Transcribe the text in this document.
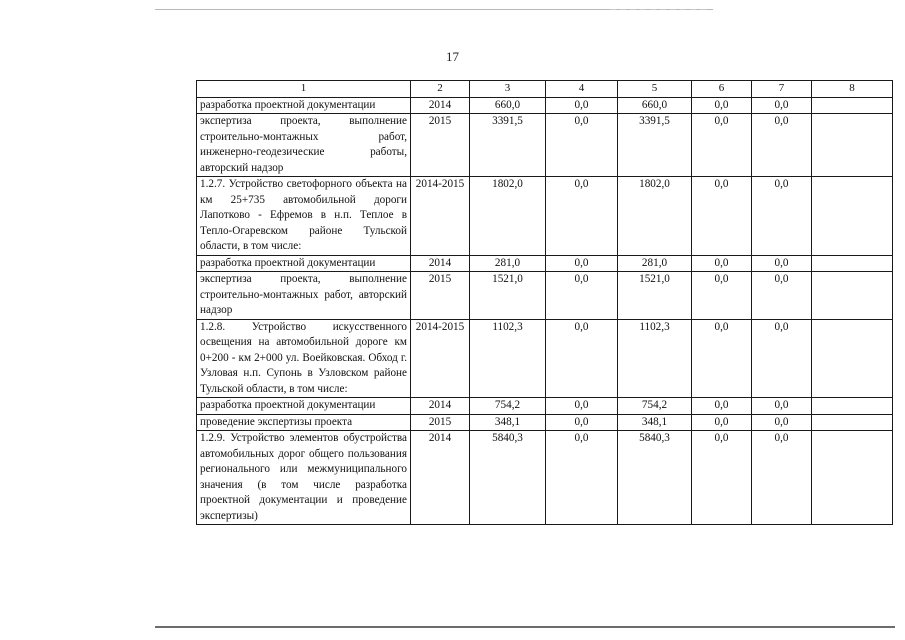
17
1	2	3	4	5	6	7	8
разработка проектной документации	2014	660,0	0,0	660,0	0,0	0,0	
экспертиза проекта, выполнение строительно-монтажных работ, инженерно-геодезические работы, авторский надзор	2015	3391,5	0,0	3391,5	0,0	0,0	
1.2.7. Устройство светофорного объекта на км 25+735 автомобильной дороги Лапотково - Ефремов в н.п. Теплое в Тепло-Огаревском районе Тульской области, в том числе:	2014-2015	1802,0	0,0	1802,0	0,0	0,0	
разработка проектной документации	2014	281,0	0,0	281,0	0,0	0,0	
экспертиза проекта, выполнение строительно-монтажных работ, авторский надзор	2015	1521,0	0,0	1521,0	0,0	0,0	
1.2.8. Устройство искусственного освещения на автомобильной дороге км 0+200 - км 2+000 ул. Воейковская. Обход г. Узловая н.п. Супонь в Узловском районе Тульской области, в том числе:	2014-2015	1102,3	0,0	1102,3	0,0	0,0	
разработка проектной документации	2014	754,2	0,0	754,2	0,0	0,0	
проведение экспертизы проекта	2015	348,1	0,0	348,1	0,0	0,0	
1.2.9. Устройство элементов обустройства автомобильных дорог общего пользования регионального или межмуниципального значения (в том числе разработка проектной документации и проведение экспертизы)	2014	5840,3	0,0	5840,3	0,0	0,0	
